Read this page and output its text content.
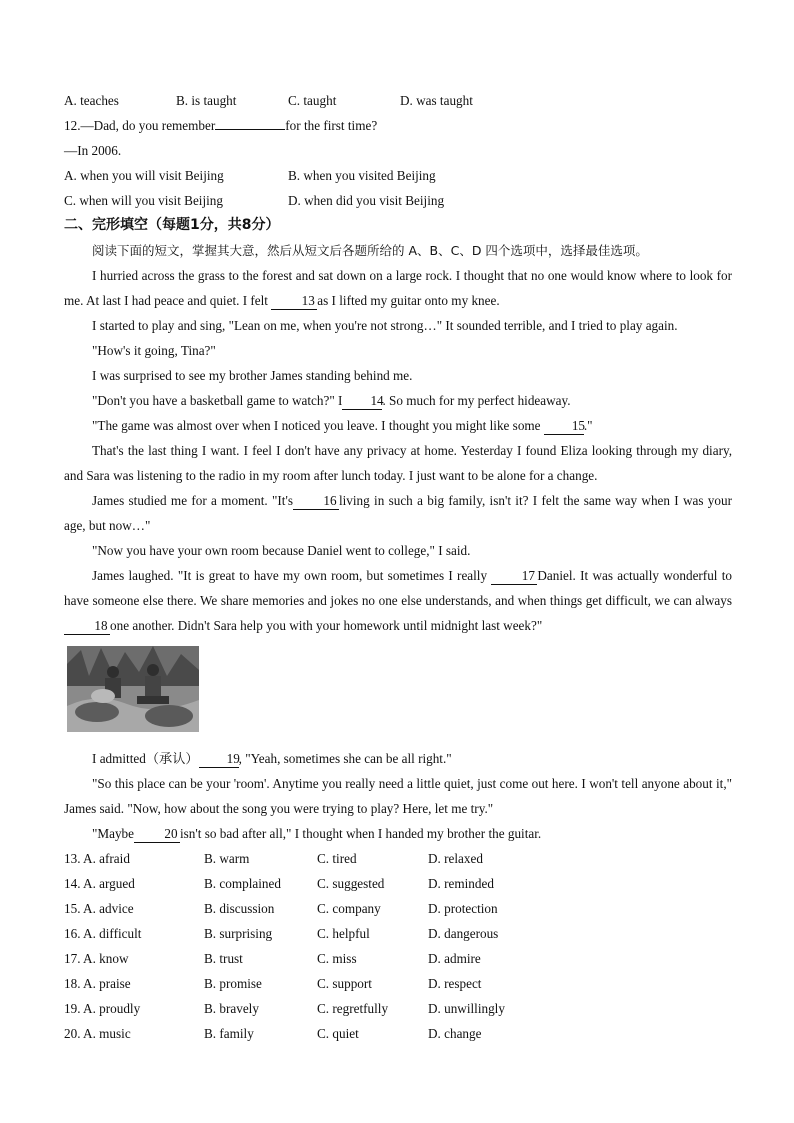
A. teaches	B. is taught	C. taught	D. was taught
12.—Dad, do you remember	for the first time?
—In 2006.
A. when you will visit Beijing	B. when you visited Beijing
C. when will you visit Beijing	D. when did you visit Beijing
二、完形填空（每题1分，共8分）

阅读下面的短文，掌握其大意，然后从短文后各题所给的 A、B、C、D 四个选项中，选择最佳选项。

I hurried across the grass to the forest and sat down on a large rock. I thought that no one would know where to look for me. At last I had peace and quiet. I felt	13 as I lifted my guitar onto my knee.

I started to play and sing, "Lean on me, when you're not strong…" It sounded terrible, and I tried to play again.

"How's it going, Tina?"

I was surprised to see my brother James standing behind me.

"Don't you have a basketball game to watch?" I 14. So much for my perfect hideaway.

"The game was almost over when I noticed you leave. I thought you might like some 15."

That's the last thing I want. I feel I don't have any privacy at home. Yesterday I found Eliza looking through my diary, and Sara was listening to the radio in my room after lunch today. I just want to be alone for a change.

James studied me for a moment. "It's 16 living in such a big family, isn't it? I felt the same way when I was your age, but now…"

"Now you have your own room because Daniel went to college," I said.

James laughed. "It is great to have my own room, but sometimes I really	17 Daniel. It was actually wonderful to have someone else there. We share memories and jokes no one else understands, and when things get difficult, we can always 18 one another. Didn't Sara help you with your homework until midnight last week?"

I admitted（承认） 19, "Yeah, sometimes she can be all right."

"So this place can be your 'room'. Anytime you really need a little quiet, just come out here. I won't tell anyone about it," James said. "Now, how about the song you were trying to play? Here, let me try."

"Maybe 20 isn't so bad after all," I thought when I handed my brother the guitar.

13. A. afraid	B. warm	C. tired	D. relaxed
14. A. argued	B. complained	C. suggested	D. reminded
15. A. advice	B. discussion	C. company	D. protection
16. A. difficult	B. surprising	C. helpful	D. dangerous
17. A. know	B. trust	C. miss	D. admire
18. A. praise	B. promise	C. support	D. respect
19. A. proudly	B. bravely	C. regretfully	D. unwillingly
20. A. music	B. family	C. quiet	D. change
